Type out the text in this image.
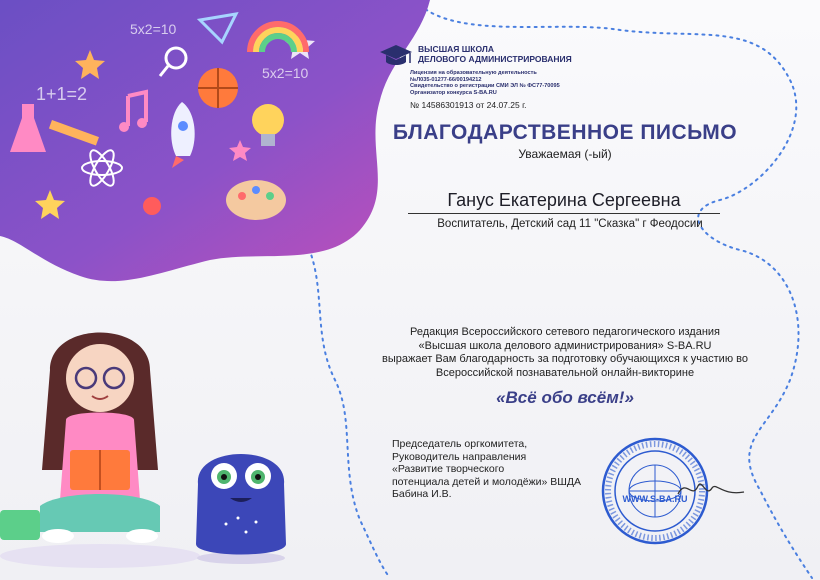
5x2=10
5x2=10
1+1=2
ВЫСШАЯ ШКОЛА
ДЕЛОВОГО АДМИНИСТРИРОВАНИЯ
Лицензия на образовательную деятельность
№Л035-01277-66/00194212
Свидетельство о регистрации СМИ ЭЛ № ФС77-70095
Организатор конкурса S-BA.RU
№ 14586301913 от 24.07.25 г.
БЛАГОДАРСТВЕННОЕ ПИСЬМО
Уважаемая (-ый)
Ганус Екатерина Сергеевна
Воспитатель, Детский сад 11 "Сказка" г Феодосии
Редакция Всероссийского сетевого педагогического издания
«Высшая школа делового администрирования» S-BA.RU
выражает Вам благодарность за подготовку обучающихся к участию во
Всероссийской познавательной онлайн-викторине
«Всё обо всём!»
Председатель оргкомитета,
Руководитель направления
«Развитие творческого
потенциала детей и молодёжи» ВШДА
Бабина И.В.	WWW.S-BA.RU
